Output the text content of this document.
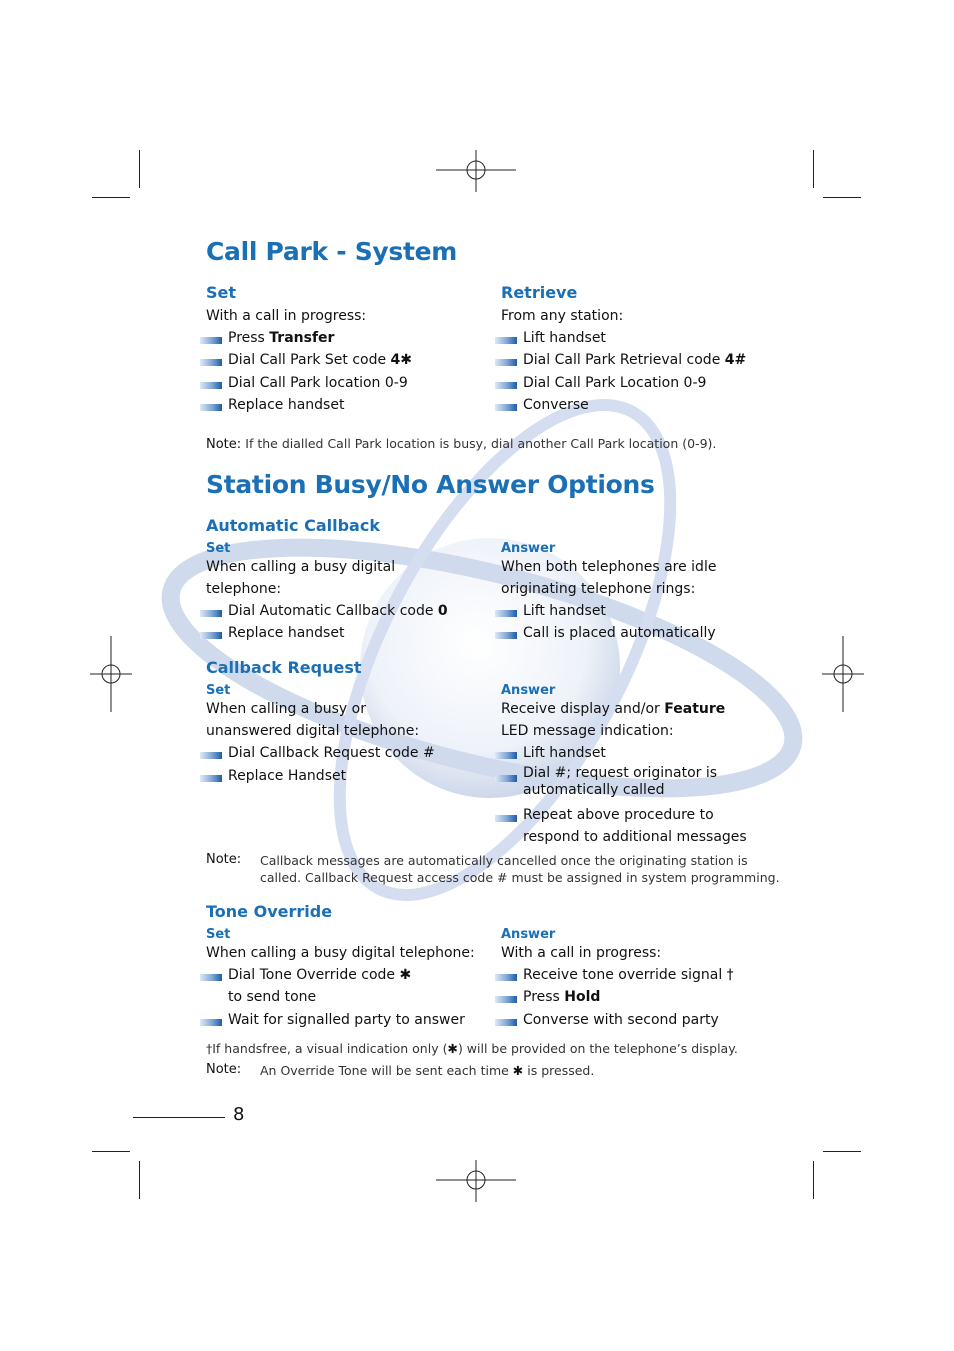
Call Park - System
Set
With a call in progress:
Press Transfer
Dial Call Park Set code 4✱
Dial Call Park location 0-9
Replace handset
Retrieve
From any station:
Lift handset
Dial Call Park Retrieval code 4#
Dial Call Park Location 0-9
Converse
Note: If the dialled Call Park location is busy, dial another Call Park location (0-9).
Station Busy/No Answer Options
Automatic Callback
Set
When calling a busy digital
telephone:
Dial Automatic Callback code 0
Replace handset
Answer
When both telephones are idle
originating telephone rings:
Lift handset
Call is placed automatically
Callback Request
Set
When calling a busy or
unanswered digital telephone:
Dial Callback Request code #
Replace Handset
Answer
Receive display and/or Feature
LED message indication:
Lift handset
Dial #; request originator is
automatically called
Repeat above procedure to
respond to additional messages
Note: Callback messages are automatically cancelled once the originating station is
called. Callback Request access code # must be assigned in system programming.
Tone Override
Set
When calling a busy digital telephone:
Dial Tone Override code ✱
to send tone
Wait for signalled party to answer
Answer
With a call in progress:
Receive tone override signal †
Press Hold
Converse with second party
†If handsfree, a visual indication only (✱) will be provided on the telephone’s display.
Note: An Override Tone will be sent each time ✱ is pressed.
8
